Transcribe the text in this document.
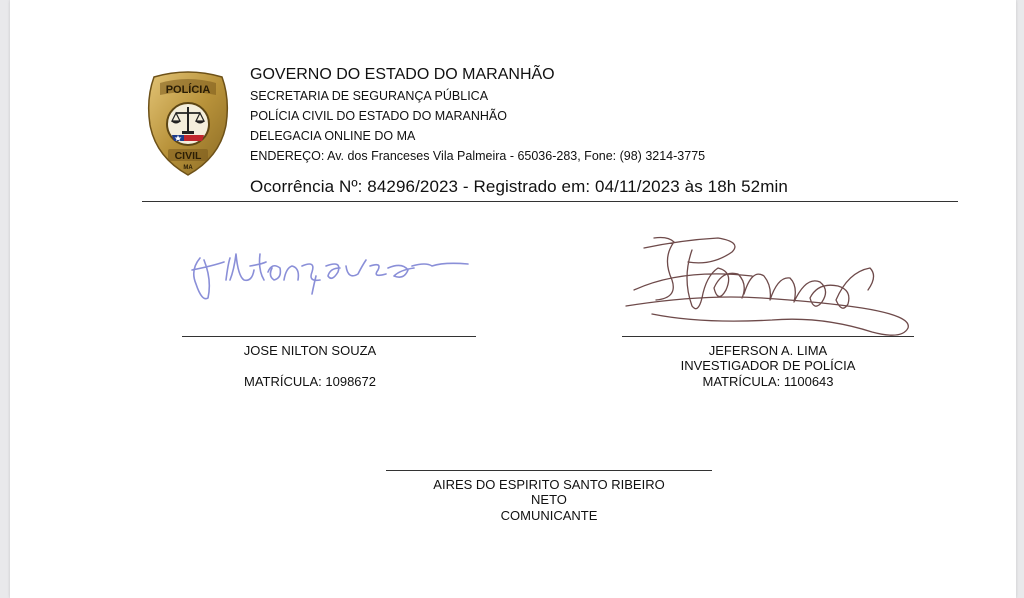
POLÍCIA
CIVIL
MA
GOVERNO DO ESTADO DO MARANHÃO
SECRETARIA DE SEGURANÇA PÚBLICA
POLÍCIA CIVIL DO ESTADO DO MARANHÃO
DELEGACIA ONLINE DO MA
ENDEREÇO: Av. dos Franceses Vila Palmeira - 65036-283, Fone: (98) 3214-3775
Ocorrência Nº: 84296/2023 - Registrado em: 04/11/2023 às 18h 52min
JOSE NILTON SOUZA
MATRÍCULA: 1098672
JEFERSON A. LIMA
INVESTIGADOR DE POLÍCIA
MATRÍCULA: 1100643
AIRES DO ESPIRITO SANTO RIBEIRO
NETO
COMUNICANTE
